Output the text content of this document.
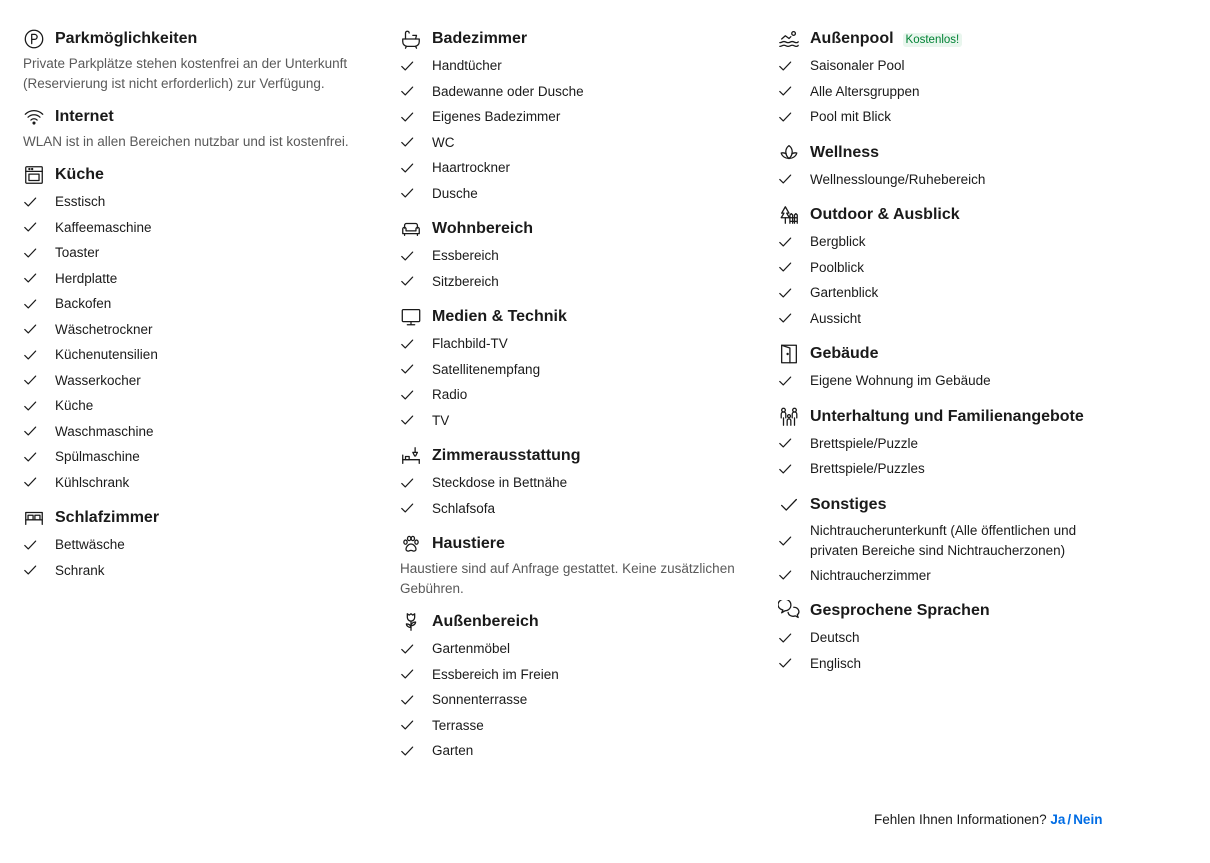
Parkmöglichkeiten

Private Parkplätze stehen kostenfrei an der Unterkunft (Reservierung ist nicht erforderlich) zur Verfügung.

Internet

WLAN ist in allen Bereichen nutzbar und ist kostenfrei.

Küche
Esstisch
Kaffeemaschine
Toaster
Herdplatte
Backofen
Wäschetrockner
Küchenutensilien
Wasserkocher
Küche
Waschmaschine
Spülmaschine
Kühlschrank
Schlafzimmer
Bettwäsche
Schrank
Badezimmer
Handtücher
Badewanne oder Dusche
Eigenes Badezimmer
WC
Haartrockner
Dusche
Wohnbereich
Essbereich
Sitzbereich
Medien & Technik
Flachbild-TV
Satellitenempfang
Radio
TV
Zimmerausstattung
Steckdose in Bettnähe
Schlafsofa
Haustiere

Haustiere sind auf Anfrage gestattet. Keine zusätzlichen Gebühren.

Außenbereich
Gartenmöbel
Essbereich im Freien
Sonnenterrasse
Terrasse
Garten
Außenpool Kostenlos!
Saisonaler Pool
Alle Altersgruppen
Pool mit Blick
Wellness
Wellnesslounge/Ruhebereich
Outdoor & Ausblick
Bergblick
Poolblick
Gartenblick
Aussicht
Gebäude
Eigene Wohnung im Gebäude
Unterhaltung und Familienangebote
Brettspiele/Puzzle
Brettspiele/Puzzles
Sonstiges
Nichtraucherunterkunft (Alle öffentlichen und privaten Bereiche sind Nichtraucherzonen)
Nichtraucherzimmer
Gesprochene Sprachen
Deutsch
Englisch
Fehlen Ihnen Informationen? Ja / Nein
